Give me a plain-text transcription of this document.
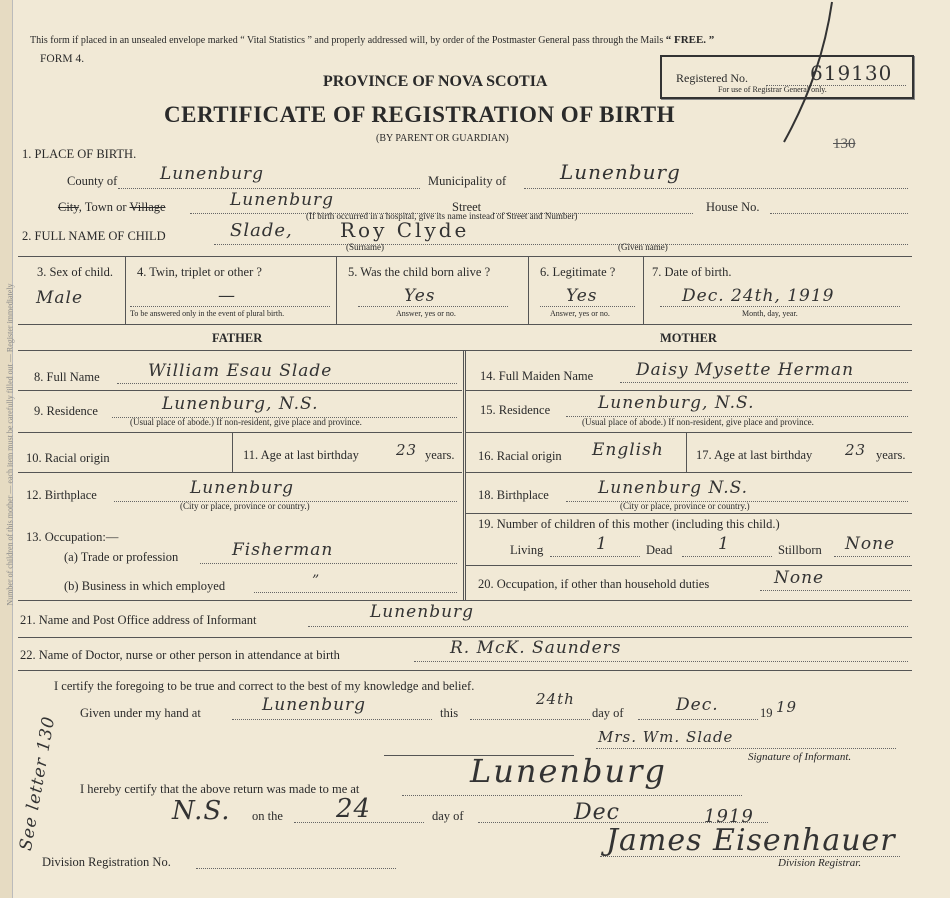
Number of children of this mother — each item must be carefully filled out — Register immediately
This form if placed in an unsealed envelope marked “ Vital Statistics ” and properly addressed will, by order of the Postmaster General pass through the Mails “ FREE. ”
FORM 4.
PROVINCE OF NOVA SCOTIA
CERTIFICATE OF REGISTRATION OF BIRTH
(BY PARENT OR GUARDIAN)
Registered No.
For use of Registrar General only.
619130
130
1. PLACE OF BIRTH.
County of	Lunenburg	Municipality of	Lunenburg
City, Town or Village	Lunenburg	Street
(If birth occurred in a hospital, give its name instead of Street and Number)
House No.
2. FULL NAME OF CHILD	Slade, Roy Clyde
(Surname)	(Given name)
3. Sex of child.
Male
4. Twin, triplet or other ?
—
To be answered only in the event of plural birth.
5. Was the child born alive ?
Yes
Answer, yes or no.
6. Legitimate ?
Yes
Answer, yes or no.
7. Date of birth.
Dec. 24th, 1919
Month, day, year.
FATHER	MOTHER
8. Full Name	William Esau Slade
9. Residence	Lunenburg, N.S.
(Usual place of abode.) If non-resident, give place and province.
10. Racial origin	11. Age at last birthday 23 years.
12. Birthplace	Lunenburg
(City or place, province or country.)
13. Occupation:—
(a) Trade or profession	Fisherman
(b) Business in which employed	”
14. Full Maiden Name	Daisy Mysette Herman
15. Residence	Lunenburg, N.S.
(Usual place of abode.) If non-resident, give place and province.
16. Racial origin English	17. Age at last birthday 23 years.
18. Birthplace	Lunenburg N.S.
(City or place, province or country.)
19. Number of children of this mother (including this child.)
Living	1	Dead	1	Stillborn None
20. Occupation, if other than household duties	None
21. Name and Post Office address of Informant	Lunenburg
22. Name of Doctor, nurse or other person in attendance at birth	R. McK. Saunders
I certify the foregoing to be true and correct to the best of my knowledge and belief.
Given under my hand at	Lunenburg	this
24th
day of	Dec.	19 19
Mrs. Wm. Slade
Signature of Informant.
I hereby certify that the above return was made to me at	Lunenburg
N.S. on the 24	day of	Dec	1919
Division Registration No.
James Eisenhauer
Division Registrar.
See letter 130
